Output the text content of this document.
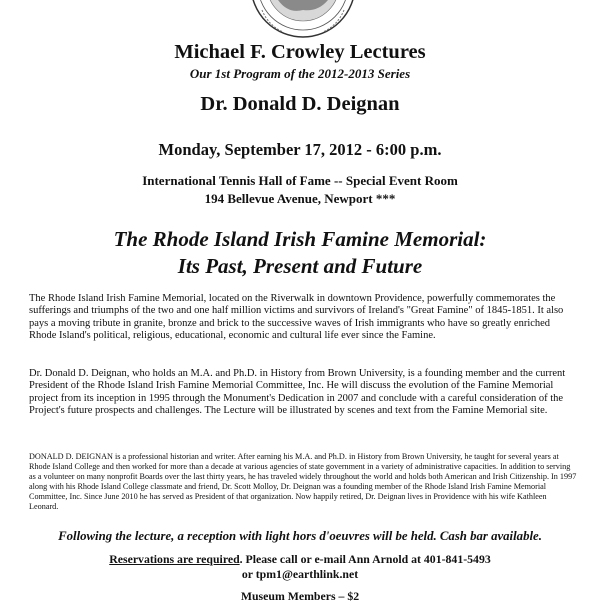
Michael F. Crowley Lectures
Our 1st Program of the 2012-2013 Series
Dr. Donald D. Deignan
Monday, September 17, 2012 - 6:00 p.m.
International Tennis Hall of Fame -- Special Event Room
194 Bellevue Avenue, Newport ***
The Rhode Island Irish Famine Memorial:
Its Past, Present and Future

The Rhode Island Irish Famine Memorial, located on the Riverwalk in downtown Providence, powerfully commemorates the sufferings and triumphs of the two and one half million victims and survivors of Ireland's "Great Famine" of 1845-1851. It also pays a moving tribute in granite, bronze and brick to the successive waves of Irish immigrants who have so greatly enriched Rhode Island's political, religious, educational, economic and cultural life ever since the Famine.

Dr. Donald D. Deignan, who holds an M.A. and Ph.D. in History from Brown University, is a founding member and the current President of the Rhode Island Irish Famine Memorial Committee, Inc. He will discuss the evolution of the Famine Memorial project from its inception in 1995 through the Monument's Dedication in 2007 and conclude with a careful consideration of the Project's future prospects and challenges. The Lecture will be illustrated by scenes and text from the Famine Memorial site.

DONALD D. DEIGNAN is a professional historian and writer. After earning his M.A. and Ph.D. in History from Brown University, he taught for several years at Rhode Island College and then worked for more than a decade at various agencies of state government in a variety of administrative capacities. In addition to serving as a volunteer on many nonprofit Boards over the last thirty years, he has traveled widely throughout the world and holds both American and Irish Citizenship. In 1997 along with his Rhode Island College classmate and friend, Dr. Scott Molloy, Dr. Deignan was a founding member of the Rhode Island Irish Famine Memorial Committee, Inc. Since June 2010 he has served as President of that organization. Now happily retired, Dr. Deignan lives in Providence with his wife Kathleen Leonard.

Following the lecture, a reception with light hors d'oeuvres will be held. Cash bar available.
Reservations are required. Please call or e-mail Ann Arnold at 401-841-5493
or tpm1@earthlink.net
Museum Members – $2
